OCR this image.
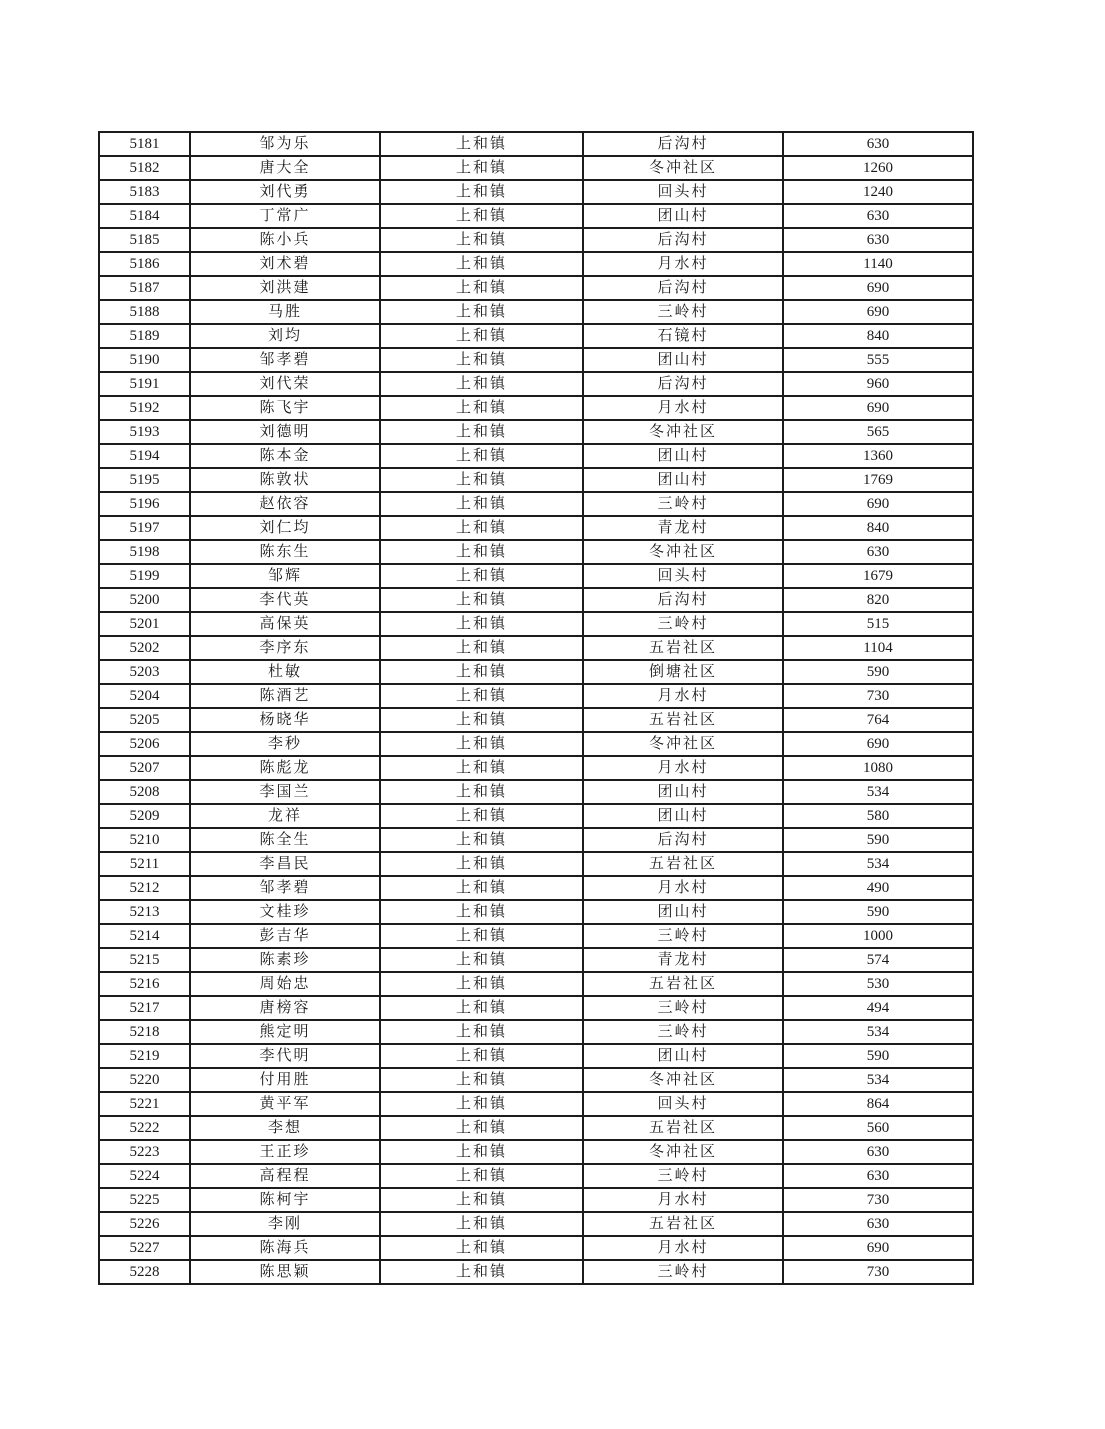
5181	邹为乐	上和镇	后沟村	630
5182	唐大全	上和镇	冬冲社区	1260
5183	刘代勇	上和镇	回头村	1240
5184	丁常广	上和镇	团山村	630
5185	陈小兵	上和镇	后沟村	630
5186	刘术碧	上和镇	月水村	1140
5187	刘洪建	上和镇	后沟村	690
5188	马胜	上和镇	三岭村	690
5189	刘均	上和镇	石镜村	840
5190	邹孝碧	上和镇	团山村	555
5191	刘代荣	上和镇	后沟村	960
5192	陈飞宇	上和镇	月水村	690
5193	刘德明	上和镇	冬冲社区	565
5194	陈本金	上和镇	团山村	1360
5195	陈敦状	上和镇	团山村	1769
5196	赵依容	上和镇	三岭村	690
5197	刘仁均	上和镇	青龙村	840
5198	陈东生	上和镇	冬冲社区	630
5199	邹辉	上和镇	回头村	1679
5200	李代英	上和镇	后沟村	820
5201	高保英	上和镇	三岭村	515
5202	李序东	上和镇	五岩社区	1104
5203	杜敏	上和镇	倒塘社区	590
5204	陈酒艺	上和镇	月水村	730
5205	杨晓华	上和镇	五岩社区	764
5206	李秒	上和镇	冬冲社区	690
5207	陈彪龙	上和镇	月水村	1080
5208	李国兰	上和镇	团山村	534
5209	龙祥	上和镇	团山村	580
5210	陈全生	上和镇	后沟村	590
5211	李昌民	上和镇	五岩社区	534
5212	邹孝碧	上和镇	月水村	490
5213	文桂珍	上和镇	团山村	590
5214	彭吉华	上和镇	三岭村	1000
5215	陈素珍	上和镇	青龙村	574
5216	周始忠	上和镇	五岩社区	530
5217	唐榜容	上和镇	三岭村	494
5218	熊定明	上和镇	三岭村	534
5219	李代明	上和镇	团山村	590
5220	付用胜	上和镇	冬冲社区	534
5221	黄平军	上和镇	回头村	864
5222	李想	上和镇	五岩社区	560
5223	王正珍	上和镇	冬冲社区	630
5224	高程程	上和镇	三岭村	630
5225	陈柯宇	上和镇	月水村	730
5226	李刚	上和镇	五岩社区	630
5227	陈海兵	上和镇	月水村	690
5228	陈思颖	上和镇	三岭村	730
